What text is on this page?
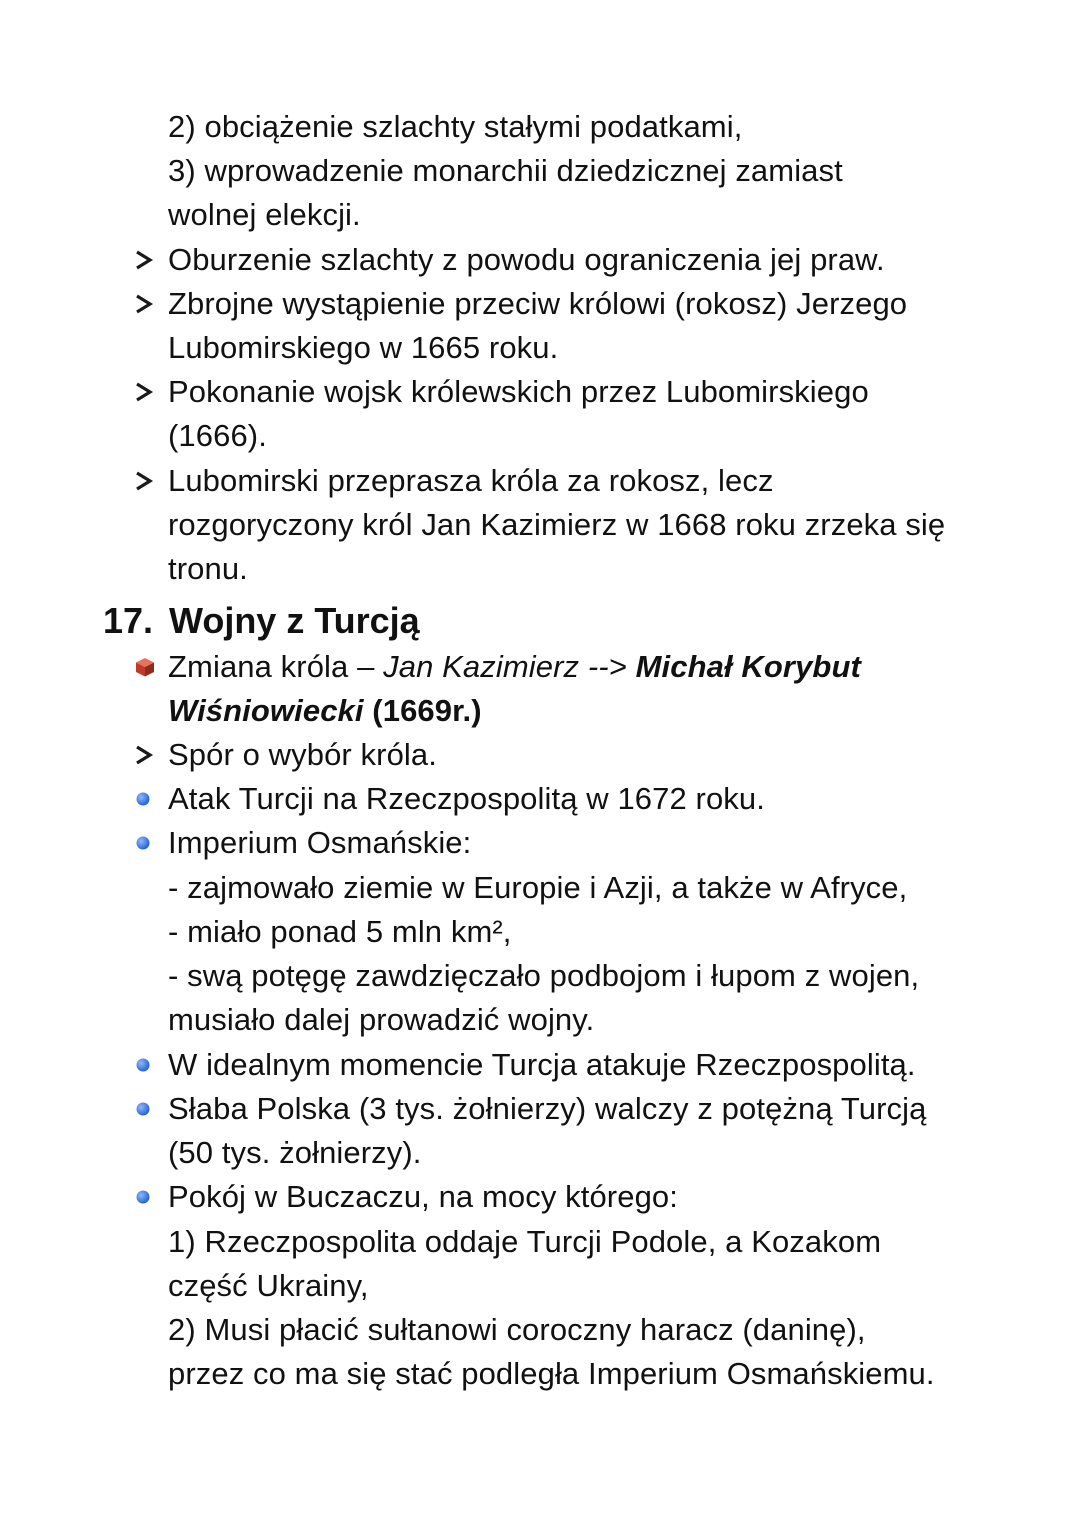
2) obciążenie szlachty stałymi podatkami,
3) wprowadzenie monarchii dziedzicznej zamiast
wolnej elekcji.
Oburzenie szlachty z powodu ograniczenia jej praw.
Zbrojne wystąpienie przeciw królowi (rokosz) Jerzego
Lubomirskiego w 1665 roku.
Pokonanie wojsk królewskich przez Lubomirskiego
(1666).
Lubomirski przeprasza króla za rokosz, lecz
rozgoryczony król Jan Kazimierz w 1668 roku zrzeka się
tronu.
17. Wojny z Turcją
Zmiana króla – Jan Kazimierz --> Michał Korybut
Wiśniowiecki (1669r.)
Spór o wybór króla.
Atak Turcji na Rzeczpospolitą w 1672 roku.
Imperium Osmańskie:
- zajmowało ziemie w Europie i Azji, a także w Afryce,
- miało ponad 5 mln km²,
- swą potęgę zawdzięczało podbojom i łupom z wojen,
musiało dalej prowadzić wojny.
W idealnym momencie Turcja atakuje Rzeczpospolitą.
Słaba Polska (3 tys. żołnierzy) walczy z potężną Turcją
(50 tys. żołnierzy).
Pokój w Buczaczu, na mocy którego:
1) Rzeczpospolita oddaje Turcji Podole, a Kozakom
część Ukrainy,
2) Musi płacić sułtanowi coroczny haracz (daninę),
przez co ma się stać podległa Imperium Osmańskiemu.
